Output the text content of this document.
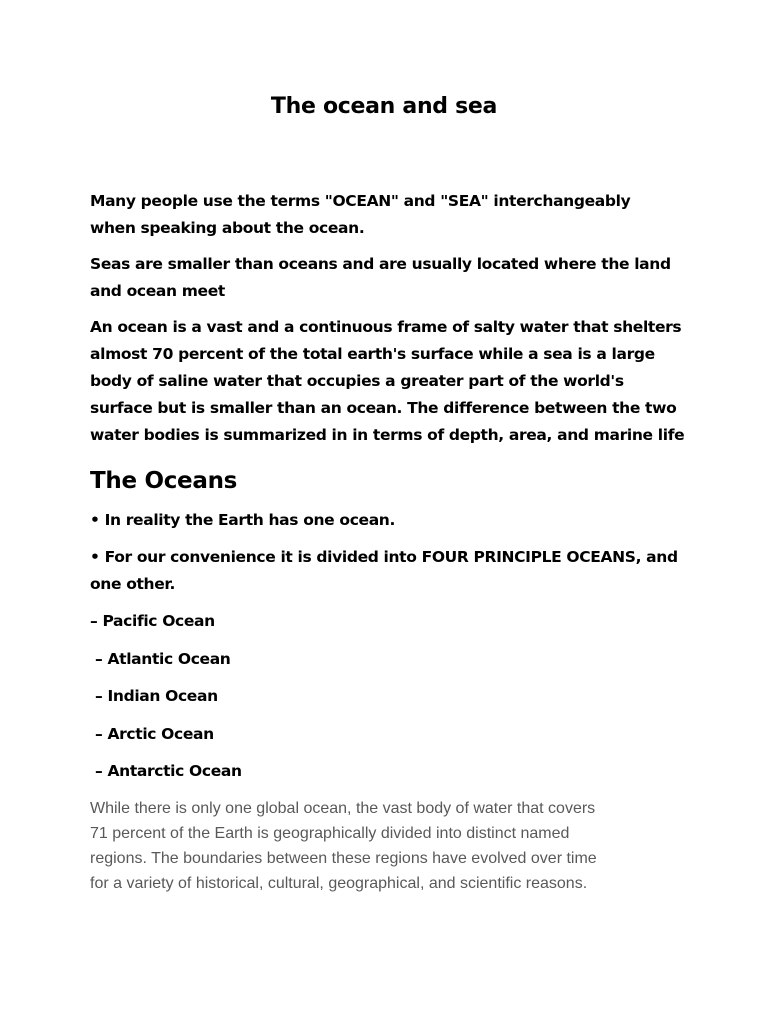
The ocean and sea

Many people use the terms "OCEAN" and "SEA" interchangeably
when speaking about the ocean.

Seas are smaller than oceans and are usually located where the land
and ocean meet

An ocean is a vast and a continuous frame of salty water that shelters
almost 70 percent of the total earth's surface while a sea is a large
body of saline water that occupies a greater part of the world's
surface but is smaller than an ocean. The difference between the two
water bodies is summarized in in terms of depth, area, and marine life

The Oceans

• In reality the Earth has one ocean.

• For our convenience it is divided into FOUR PRINCIPLE OCEANS, and
one other.

– Pacific Ocean
– Atlantic Ocean
– Indian Ocean
– Arctic Ocean
– Antarctic Ocean

While there is only one global ocean, the vast body of water that covers
71 percent of the Earth is geographically divided into distinct named
regions. The boundaries between these regions have evolved over time
for a variety of historical, cultural, geographical, and scientific reasons.
